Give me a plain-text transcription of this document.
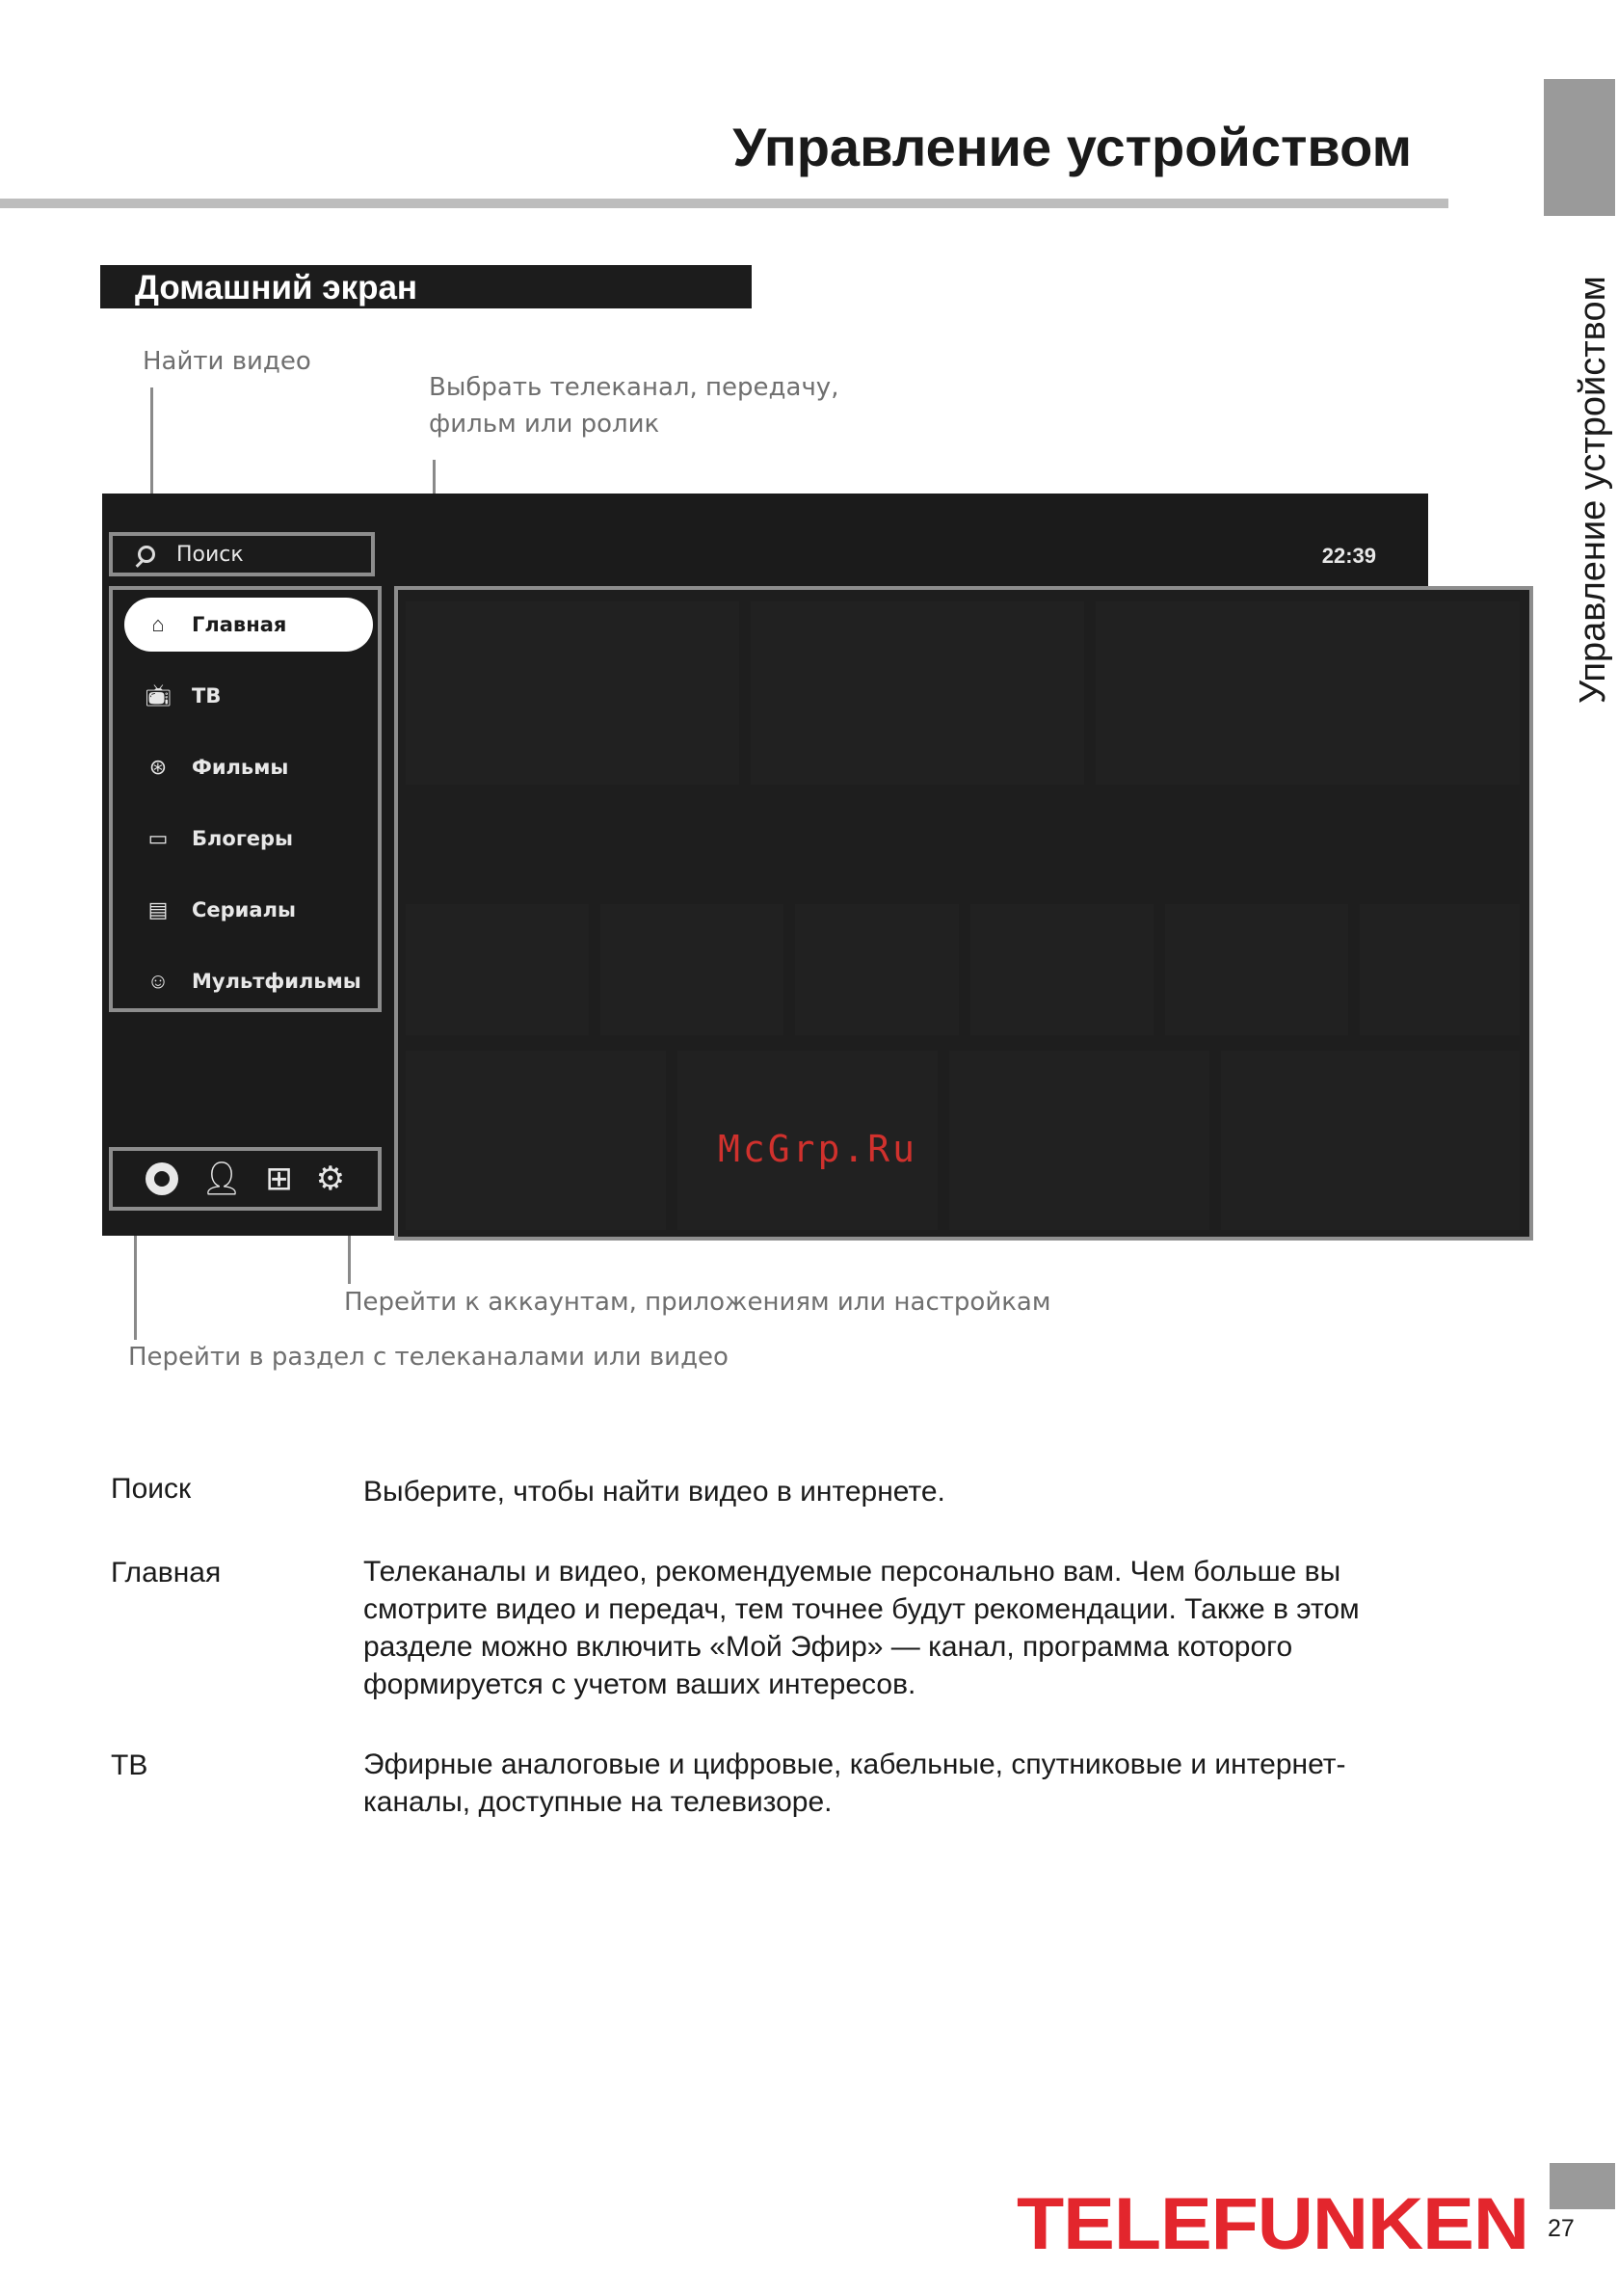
Управление устройством
Управление устройством
Домашний экран
Найти видео
Выбрать телеканал, передачу,
фильм или ролик
Перейти к аккаунтам, приложениям или настройкам
Перейти в раздел с телеканалами или видео
Поиск	22:39
⌂	Главная
📺︎ ТВ
⊛	Фильмы
▭	Блогеры
▤	Сериалы
☺ Мультфильмы
👤︎ ⊞ ⚙
McGrp.Ru
Поиск	Выберите, чтобы найти видео в интернете.
Главная	Телеканалы и видео, рекомендуемые персонально вам. Чем больше вы смотрите видео и передач, тем точнее будут рекомендации. Также в этом разделе можно включить «Мой Эфир» — канал, программа которого формируется с учетом ваших интересов.
ТВ	Эфирные аналоговые и цифровые, кабельные, спутниковые и интернет-каналы, доступные на телевизоре.
TELEFUNKEN 27
